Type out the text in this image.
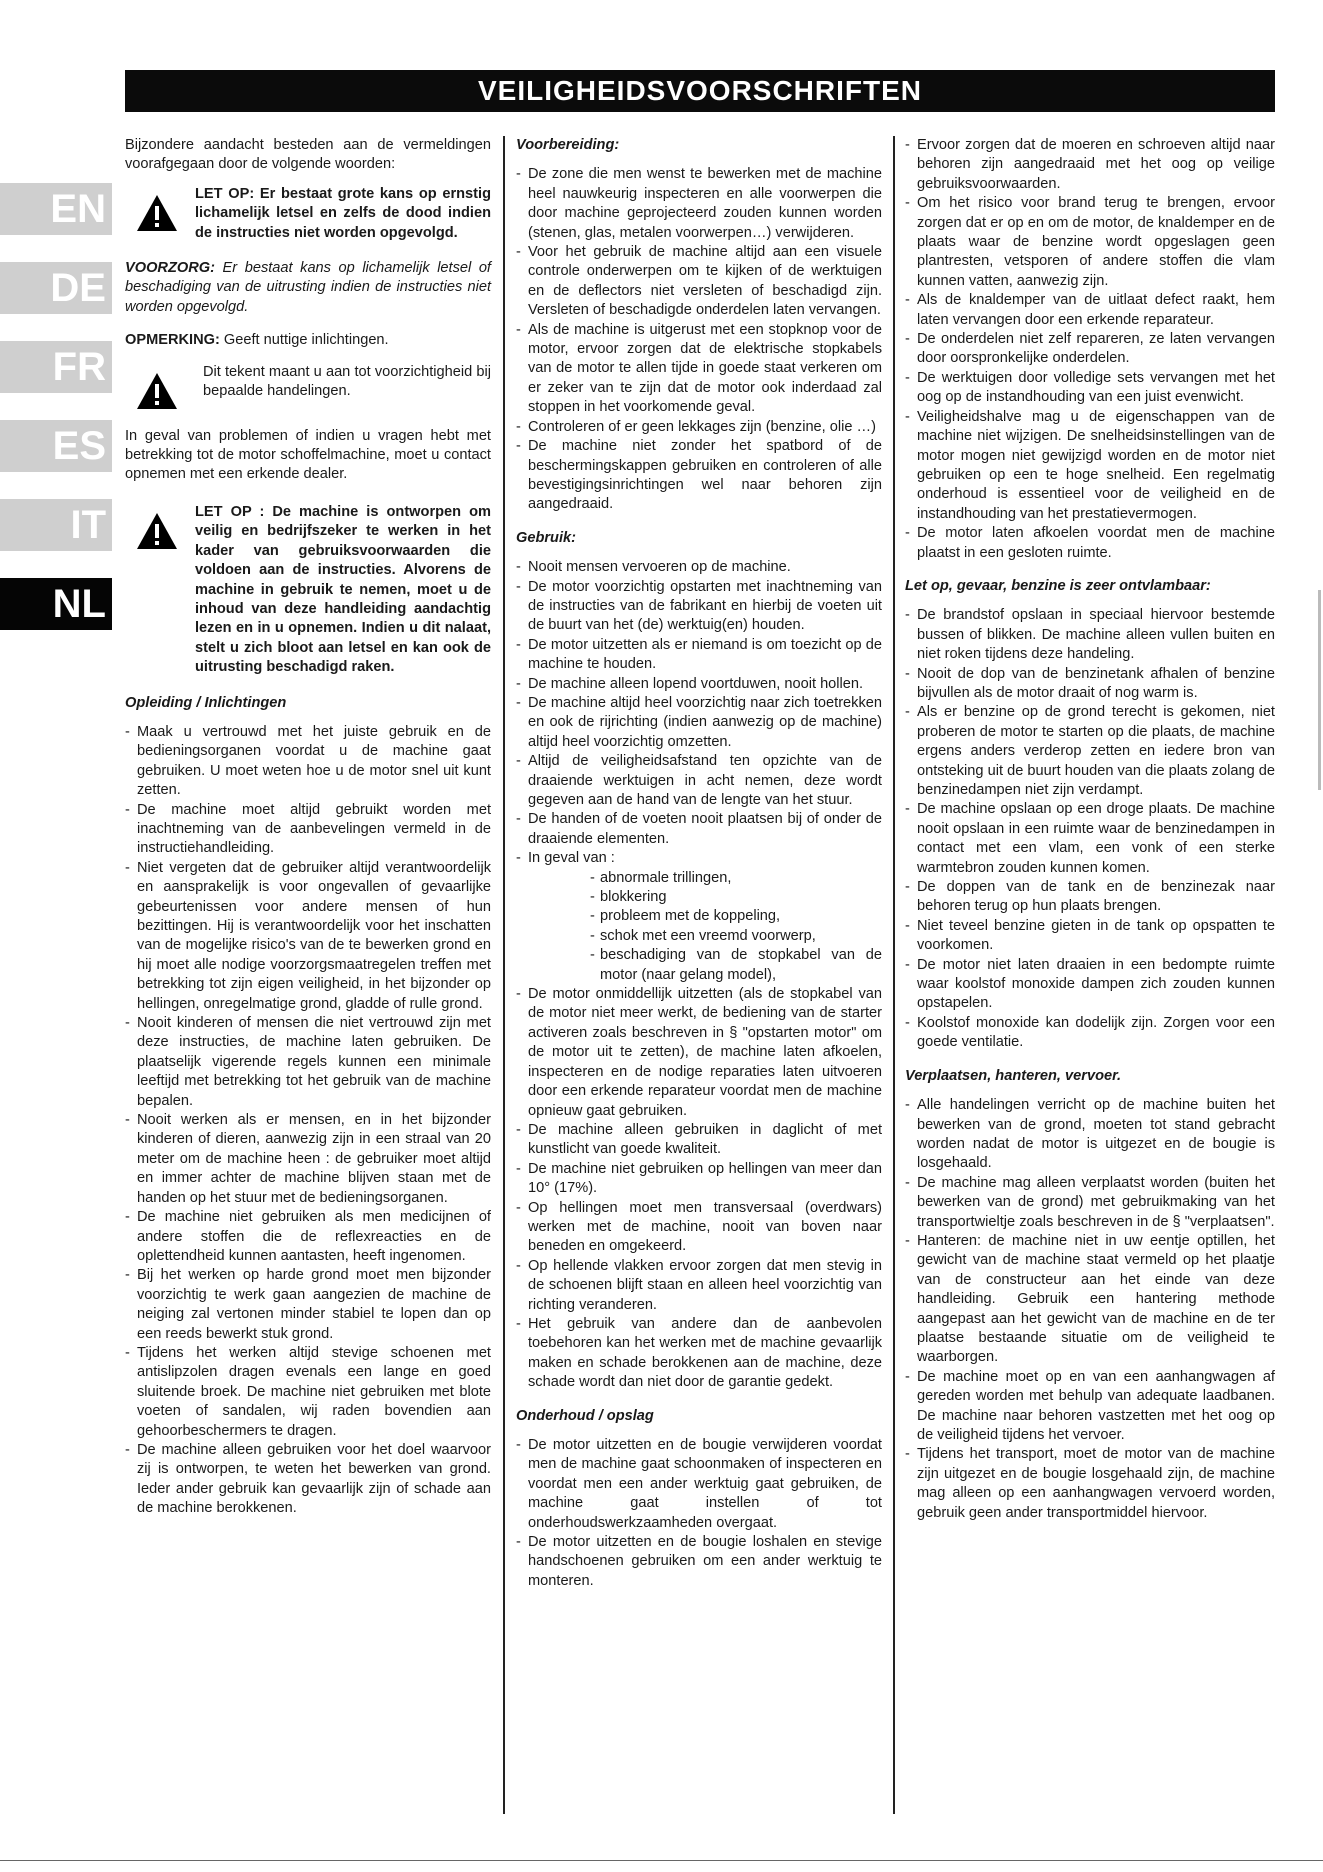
VEILIGHEIDSVOORSCHRIFTEN
EN
DE
FR
ES
IT
NL

Bijzondere aandacht besteden aan de vermeldingen voorafgegaan door de volgende woorden:

LET OP: Er bestaat grote kans op ernstig lichamelijk letsel en zelfs de dood indien de instructies niet worden opgevolgd.

VOORZORG: Er bestaat kans op lichamelijk letsel of beschadiging van de uitrusting indien de instructies niet worden opgevolgd.

OPMERKING: Geeft nuttige inlichtingen.

Dit tekent maant u aan tot voorzichtigheid bij bepaalde handelingen.

In geval van problemen of indien u vragen hebt met betrekking tot de motor schoffelmachine, moet u contact opnemen met een erkende dealer.

LET OP : De machine is ontworpen om veilig en bedrijfszeker te werken in het kader van gebruiksvoorwaarden die voldoen aan de instructies. Alvorens de machine in gebruik te nemen, moet u de inhoud van deze handleiding aandachtig lezen en in u opnemen. Indien u dit nalaat, stelt u zich bloot aan letsel en kan ook de uitrusting beschadigd raken.
Opleiding / Inlichtingen
- Maak u vertrouwd met het juiste gebruik en de bedieningsorganen voordat u de machine gaat gebruiken. U moet weten hoe u de motor snel uit kunt zetten.
- De machine moet altijd gebruikt worden met inachtneming van de aanbevelingen vermeld in de instructiehandleiding.
- Niet vergeten dat de gebruiker altijd verantwoordelijk en aansprakelijk is voor ongevallen of gevaarlijke gebeurtenissen voor andere mensen of hun bezittingen. Hij is verantwoordelijk voor het inschatten van de mogelijke risico's van de te bewerken grond en hij moet alle nodige voorzorgsmaatregelen treffen met betrekking tot zijn eigen veiligheid, in het bijzonder op hellingen, onregelmatige grond, gladde of rulle grond.
- Nooit kinderen of mensen die niet vertrouwd zijn met deze instructies, de machine laten gebruiken. De plaatselijk vigerende regels kunnen een minimale leeftijd met betrekking tot het gebruik van de machine bepalen.
- Nooit werken als er mensen, en in het bijzonder kinderen of dieren, aanwezig zijn in een straal van 20 meter om de machine heen : de gebruiker moet altijd en immer achter de machine blijven staan met de handen op het stuur met de bedieningsorganen.
- De machine niet gebruiken als men medicijnen of andere stoffen die de reflexreacties en de oplettendheid kunnen aantasten, heeft ingenomen.
- Bij het werken op harde grond moet men bijzonder voorzichtig te werk gaan aangezien de machine de neiging zal vertonen minder stabiel te lopen dan op een reeds bewerkt stuk grond.
- Tijdens het werken altijd stevige schoenen met antislipzolen dragen evenals een lange en goed sluitende broek. De machine niet gebruiken met blote voeten of sandalen, wij raden bovendien aan gehoorbeschermers te dragen.
- De machine alleen gebruiken voor het doel waarvoor zij is ontworpen, te weten het bewerken van grond. Ieder ander gebruik kan gevaarlijk zijn of schade aan de machine berokkenen.
Voorbereiding:
- De zone die men wenst te bewerken met de machine heel nauwkeurig inspecteren en alle voorwerpen die door machine geprojecteerd zouden kunnen worden (stenen, glas, metalen voorwerpen…) verwijderen.
- Voor het gebruik de machine altijd aan een visuele controle onderwerpen om te kijken of de werktuigen en de deflectors niet versleten of beschadigd zijn. Versleten of beschadigde onderdelen laten vervangen.
- Als de machine is uitgerust met een stopknop voor de motor, ervoor zorgen dat de elektrische stopkabels van de motor te allen tijde in goede staat verkeren om er zeker van te zijn dat de motor ook inderdaad zal stoppen in het voorkomende geval.
- Controleren of er geen lekkages zijn (benzine, olie …)
- De machine niet zonder het spatbord of de beschermingskappen gebruiken en controleren of alle bevestigingsinrichtingen wel naar behoren zijn aangedraaid.
Gebruik:
- Nooit mensen vervoeren op de machine.
- De motor voorzichtig opstarten met inachtneming van de instructies van de fabrikant en hierbij de voeten uit de buurt van het (de) werktuig(en) houden.
- De motor uitzetten als er niemand is om toezicht op de machine te houden.
- De machine alleen lopend voortduwen, nooit hollen.
- De machine altijd heel voorzichtig naar zich toetrekken en ook de rijrichting (indien aanwezig op de machine) altijd heel voorzichtig omzetten.
- Altijd de veiligheidsafstand ten opzichte van de draaiende werktuigen in acht nemen, deze wordt gegeven aan de hand van de lengte van het stuur.
- De handen of de voeten nooit plaatsen bij of onder de draaiende elementen.
- In geval van :
- abnormale trillingen,
- blokkering
- probleem met de koppeling,
- schok met een vreemd voorwerp,
- beschadiging van de stopkabel van de motor (naar gelang model),
- De motor onmiddellijk uitzetten (als de stopkabel van de motor niet meer werkt, de bediening van de starter activeren zoals beschreven in § "opstarten motor" om de motor uit te zetten), de machine laten afkoelen, inspecteren en de nodige reparaties laten uitvoeren door een erkende reparateur voordat men de machine opnieuw gaat gebruiken.
- De machine alleen gebruiken in daglicht of met kunstlicht van goede kwaliteit.
- De machine niet gebruiken op hellingen van meer dan 10° (17%).
- Op hellingen moet men transversaal (overdwars) werken met de machine, nooit van boven naar beneden en omgekeerd.
- Op hellende vlakken ervoor zorgen dat men stevig in de schoenen blijft staan en alleen heel voorzichtig van richting veranderen.
- Het gebruik van andere dan de aanbevolen toebehoren kan het werken met de machine gevaarlijk maken en schade berokkenen aan de machine, deze schade wordt dan niet door de garantie gedekt.
Onderhoud / opslag
- De motor uitzetten en de bougie verwijderen voordat men de machine gaat schoonmaken of inspecteren en voordat men een ander werktuig gaat gebruiken, de machine gaat instellen of tot onderhoudswerkzaamheden overgaat.
- De motor uitzetten en de bougie loshalen en stevige handschoenen gebruiken om een ander werktuig te monteren.
- Ervoor zorgen dat de moeren en schroeven altijd naar behoren zijn aangedraaid met het oog op veilige gebruiksvoorwaarden.
- Om het risico voor brand terug te brengen, ervoor zorgen dat er op en om de motor, de knaldemper en de plaats waar de benzine wordt opgeslagen geen plantresten, vetsporen of andere stoffen die vlam kunnen vatten, aanwezig zijn.
- Als de knaldemper van de uitlaat defect raakt, hem laten vervangen door een erkende reparateur.
- De onderdelen niet zelf repareren, ze laten vervangen door oorspronkelijke onderdelen.
- De werktuigen door volledige sets vervangen met het oog op de instandhouding van een juist evenwicht.
- Veiligheidshalve mag u de eigenschappen van de machine niet wijzigen. De snelheidsinstellingen van de motor mogen niet gewijzigd worden en de motor niet gebruiken op een te hoge snelheid. Een regelmatig onderhoud is essentieel voor de veiligheid en de instandhouding van het prestatievermogen.
- De motor laten afkoelen voordat men de machine plaatst in een gesloten ruimte.
Let op, gevaar, benzine is zeer ontvlambaar:
- De brandstof opslaan in speciaal hiervoor bestemde bussen of blikken. De machine alleen vullen buiten en niet roken tijdens deze handeling.
- Nooit de dop van de benzinetank afhalen of benzine bijvullen als de motor draait of nog warm is.
- Als er benzine op de grond terecht is gekomen, niet proberen de motor te starten op die plaats, de machine ergens anders verderop zetten en iedere bron van ontsteking uit de buurt houden van die plaats zolang de benzinedampen niet zijn verdampt.
- De machine opslaan op een droge plaats. De machine nooit opslaan in een ruimte waar de benzinedampen in contact met een vlam, een vonk of een sterke warmtebron zouden kunnen komen.
- De doppen van de tank en de benzinezak naar behoren terug op hun plaats brengen.
- Niet teveel benzine gieten in de tank op opspatten te voorkomen.
- De motor niet laten draaien in een bedompte ruimte waar koolstof monoxide dampen zich zouden kunnen opstapelen.
- Koolstof monoxide kan dodelijk zijn. Zorgen voor een goede ventilatie.
Verplaatsen, hanteren, vervoer.
- Alle handelingen verricht op de machine buiten het bewerken van de grond, moeten tot stand gebracht worden nadat de motor is uitgezet en de bougie is losgehaald.
- De machine mag alleen verplaatst worden (buiten het bewerken van de grond) met gebruikmaking van het transportwieltje zoals beschreven in de § "verplaatsen".
- Hanteren: de machine niet in uw eentje optillen, het gewicht van de machine staat vermeld op het plaatje van de constructeur aan het einde van deze handleiding. Gebruik een hantering methode aangepast aan het gewicht van de machine en de ter plaatse bestaande situatie om de veiligheid te waarborgen.
- De machine moet op en van een aanhangwagen af gereden worden met behulp van adequate laadbanen. De machine naar behoren vastzetten met het oog op de veiligheid tijdens het vervoer.
- Tijdens het transport, moet de motor van de machine zijn uitgezet en de bougie losgehaald zijn, de machine mag alleen op een aanhangwagen vervoerd worden, gebruik geen ander transportmiddel hiervoor.
